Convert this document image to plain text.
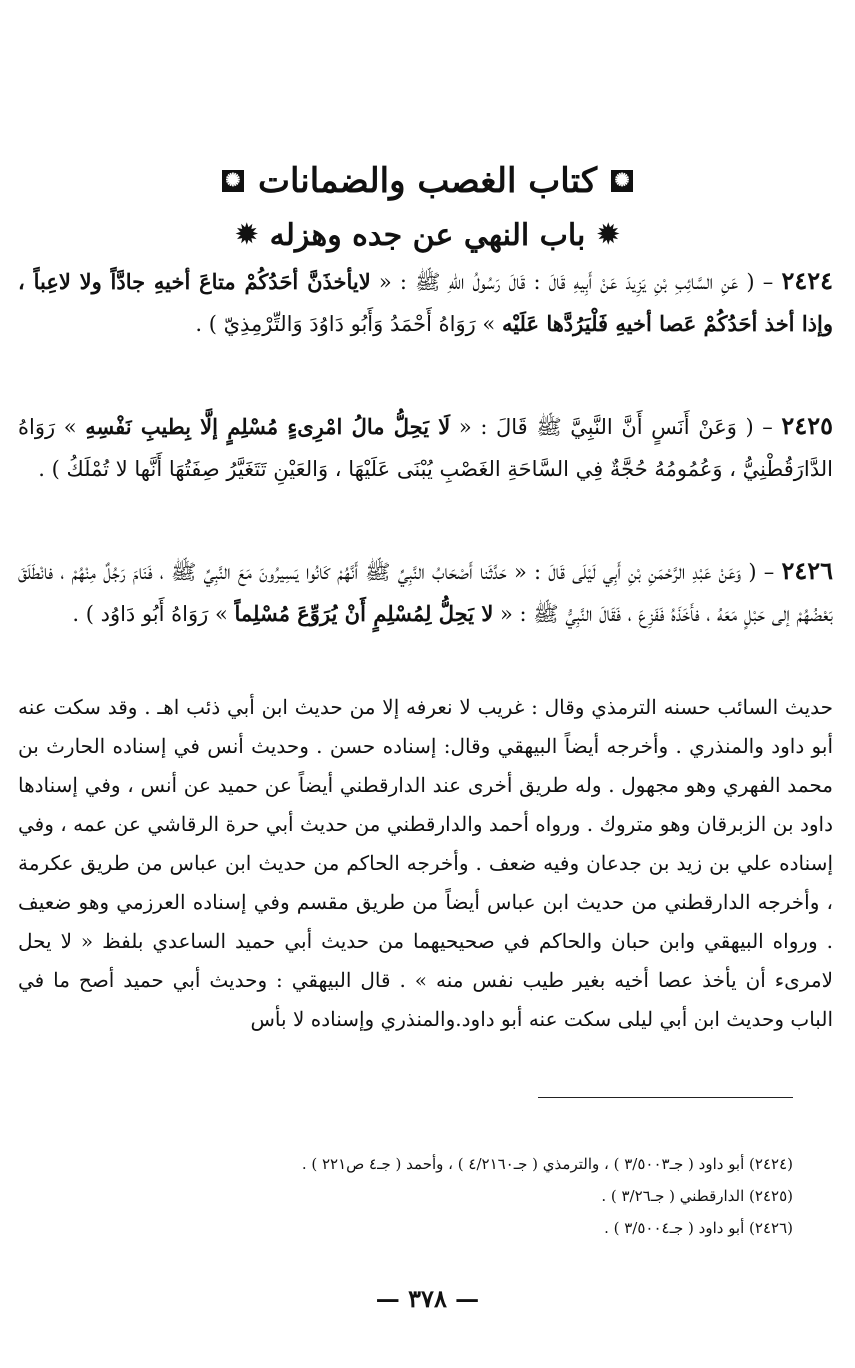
✺
كتاب الغصب والضمانات
✺
✹
باب النهي عن جده وهزله
✹
٢٤٢٤ – ( عَنِ السَّائِبِ بْنِ يَزِيدَ عَنْ أَبِيهِ قَالَ : قَالَ رَسُولُ اللهِ ﷺ : « لايأخذَنَّ أحَدُكُمْ متاعَ أخيهِ جادَّاً ولا لاعِباً ، وإذا أخذ أحَدُكُمْ عَصا أخيهِ فَلْيَرُدَّها عَلَيْه » رَوَاهُ أَحْمَدُ وَأَبُو دَاوُدَ وَالتِّرْمِذِيّ ) .
٢٤٢٥ – ( وَعَنْ أَنَسٍ أَنَّ النَّبِيَّ ﷺ قَالَ : « لَا يَحِلُّ مالُ امْرِىءٍ مُسْلِمٍ إلَّا بِطيبِ نَفْسِهِ » رَوَاهُ الدَّارَقُطْنِيُّ ، وَعُمُومُهُ حُجَّةٌ فِي السَّاحَةِ الغَصْبِ يُبْنَى عَلَيْهَا ، وَالعَيْنِ تَتَغَيَّرُ صِفَتُهَا أَنَّها لا تُمْلَكُ ) .
٢٤٢٦ – ( وَعَنْ عَبْدِ الرَّحْمَنِ بْنِ أَبِي لَيْلَى قَالَ : « حَدَّثَنا أَصْحَابُ النَّبِيِّ ﷺ أَنَّهُمْ كَانُوا يَسِيرُونَ مَعَ النَّبِيِّ ﷺ ، فَنَامَ رَجُلٌ مِنْهُمْ ، فانْطَلَقَ بَعْضُهُمْ إلى حَبْلٍ مَعَهُ ، فأَخَذَهُ فَفَزِعَ ، فَقَالَ النَّبِيُّ ﷺ : « لا يَحِلُّ لِمُسْلِمٍ أَنْ يُرَوِّعَ مُسْلِماً » رَوَاهُ أَبُو دَاوُد ) .
حديث السائب حسنه الترمذي وقال : غريب لا نعرفه إلا من حديث ابن أبي ذئب اهـ . وقد سكت عنه أبو داود والمنذري . وأخرجه أيضاً البيهقي وقال: إسناده حسن . وحديث أنس في إسناده الحارث بن محمد الفهري وهو مجهول . وله طريق أخرى عند الدارقطني أيضاً عن حميد عن أنس ، وفي إسنادها داود بن الزبرقان وهو متروك . ورواه أحمد والدارقطني من حديث أبي حرة الرقاشي عن عمه ، وفي إسناده علي بن زيد بن جدعان وفيه ضعف . وأخرجه الحاكم من حديث ابن عباس من طريق عكرمة ، وأخرجه الدارقطني من حديث ابن عباس أيضاً من طريق مقسم وفي إسناده العرزمي وهو ضعيف . ورواه البيهقي وابن حبان والحاكم في صحيحيهما من حديث أبي حميد الساعدي بلفظ « لا يحل لامرىء أن يأخذ عصا أخيه بغير طيب نفس منه » . قال البيهقي : وحديث أبي حميد أصح ما في الباب وحديث ابن أبي ليلى سكت عنه أبو داود.والمنذري وإسناده لا بأس

(٢٤٢٤) أبو داود ( جـ٣/٥٠٠٣ ) ، والترمذي ( جـ٤/٢١٦٠ ) ، وأحمد ( جـ٤ ص٢٢١ ) .

(٢٤٢٥) الدارقطني ( جـ٣/٢٦ ) .

(٢٤٢٦) أبو داود ( جـ٣/٥٠٠٤ ) .

— ٣٧٨ —
